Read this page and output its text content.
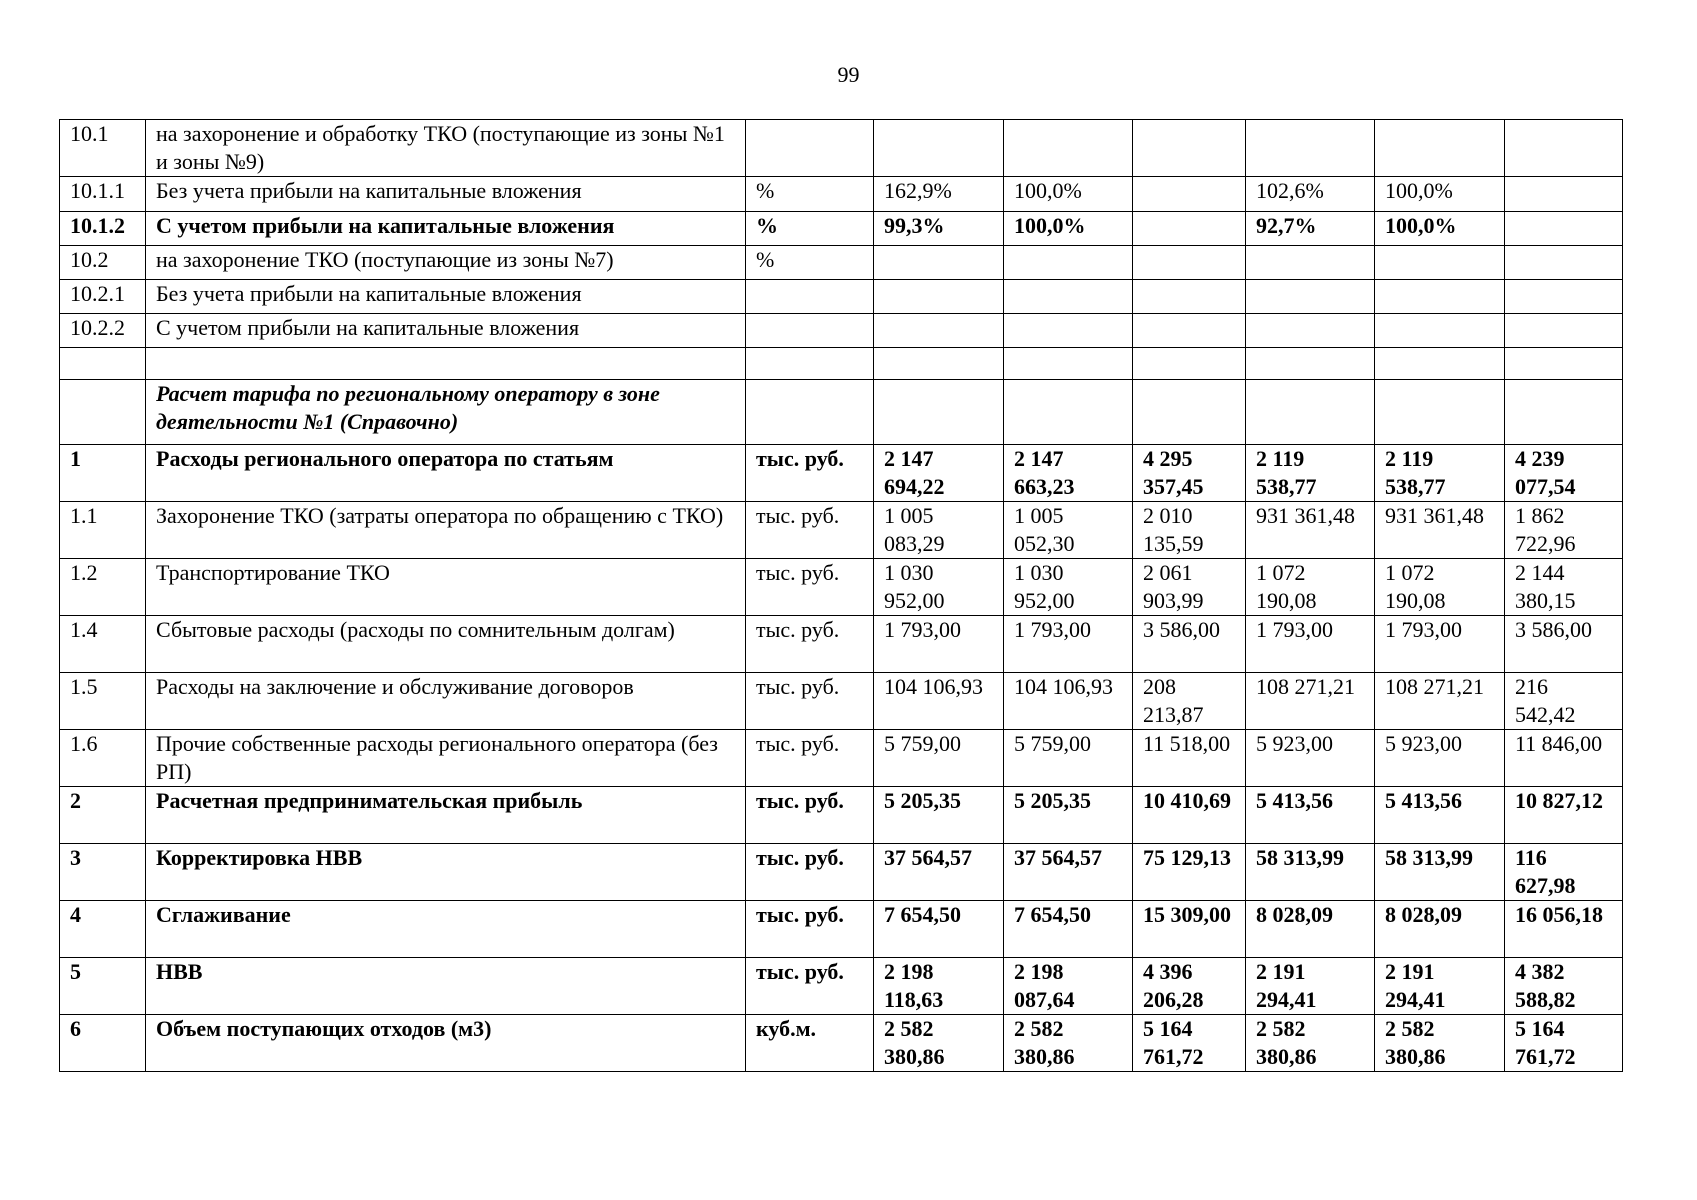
99
10.1	на захоронение и обработку ТКО (поступающие из зоны №1 и зоны №9)							
10.1.1	Без учета прибыли на капитальные вложения	%	162,9%	100,0%		102,6%	100,0%	
10.1.2	С учетом прибыли на капитальные вложения	%	99,3%	100,0%		92,7%	100,0%	
10.2	на захоронение ТКО (поступающие из зоны №7)	%						
10.2.1	Без учета прибыли на капитальные вложения							
10.2.2	С учетом прибыли на капитальные вложения							

	Расчет тарифа по региональному оператору в зоне деятельности №1 (Справочно)							
1	Расходы регионального оператора по статьям	тыс. руб.	2 147 694,22	2 147 663,23	4 295 357,45	2 119 538,77	2 119 538,77	4 239 077,54
1.1	Захоронение ТКО (затраты оператора по обращению с ТКО)	тыс. руб.	1 005 083,29	1 005 052,30	2 010 135,59	931 361,48	931 361,48	1 862 722,96
1.2	Транспортирование ТКО	тыс. руб.	1 030 952,00	1 030 952,00	2 061 903,99	1 072 190,08	1 072 190,08	2 144 380,15
1.4	Сбытовые расходы (расходы по сомнительным долгам)	тыс. руб.	1 793,00	1 793,00	3 586,00	1 793,00	1 793,00	3 586,00
1.5	Расходы на заключение и обслуживание договоров	тыс. руб.	104 106,93	104 106,93	208 213,87	108 271,21	108 271,21	216 542,42
1.6	Прочие собственные расходы регионального оператора (без РП)	тыс. руб.	5 759,00	5 759,00	11 518,00	5 923,00	5 923,00	11 846,00
2	Расчетная предпринимательская прибыль	тыс. руб.	5 205,35	5 205,35	10 410,69	5 413,56	5 413,56	10 827,12
3	Корректировка НВВ	тыс. руб.	37 564,57	37 564,57	75 129,13	58 313,99	58 313,99	116 627,98
4	Сглаживание	тыс. руб.	7 654,50	7 654,50	15 309,00	8 028,09	8 028,09	16 056,18
5	НВВ	тыс. руб.	2 198 118,63	2 198 087,64	4 396 206,28	2 191 294,41	2 191 294,41	4 382 588,82
6	Объем поступающих отходов (м3)	куб.м.	2 582 380,86	2 582 380,86	5 164 761,72	2 582 380,86	2 582 380,86	5 164 761,72
